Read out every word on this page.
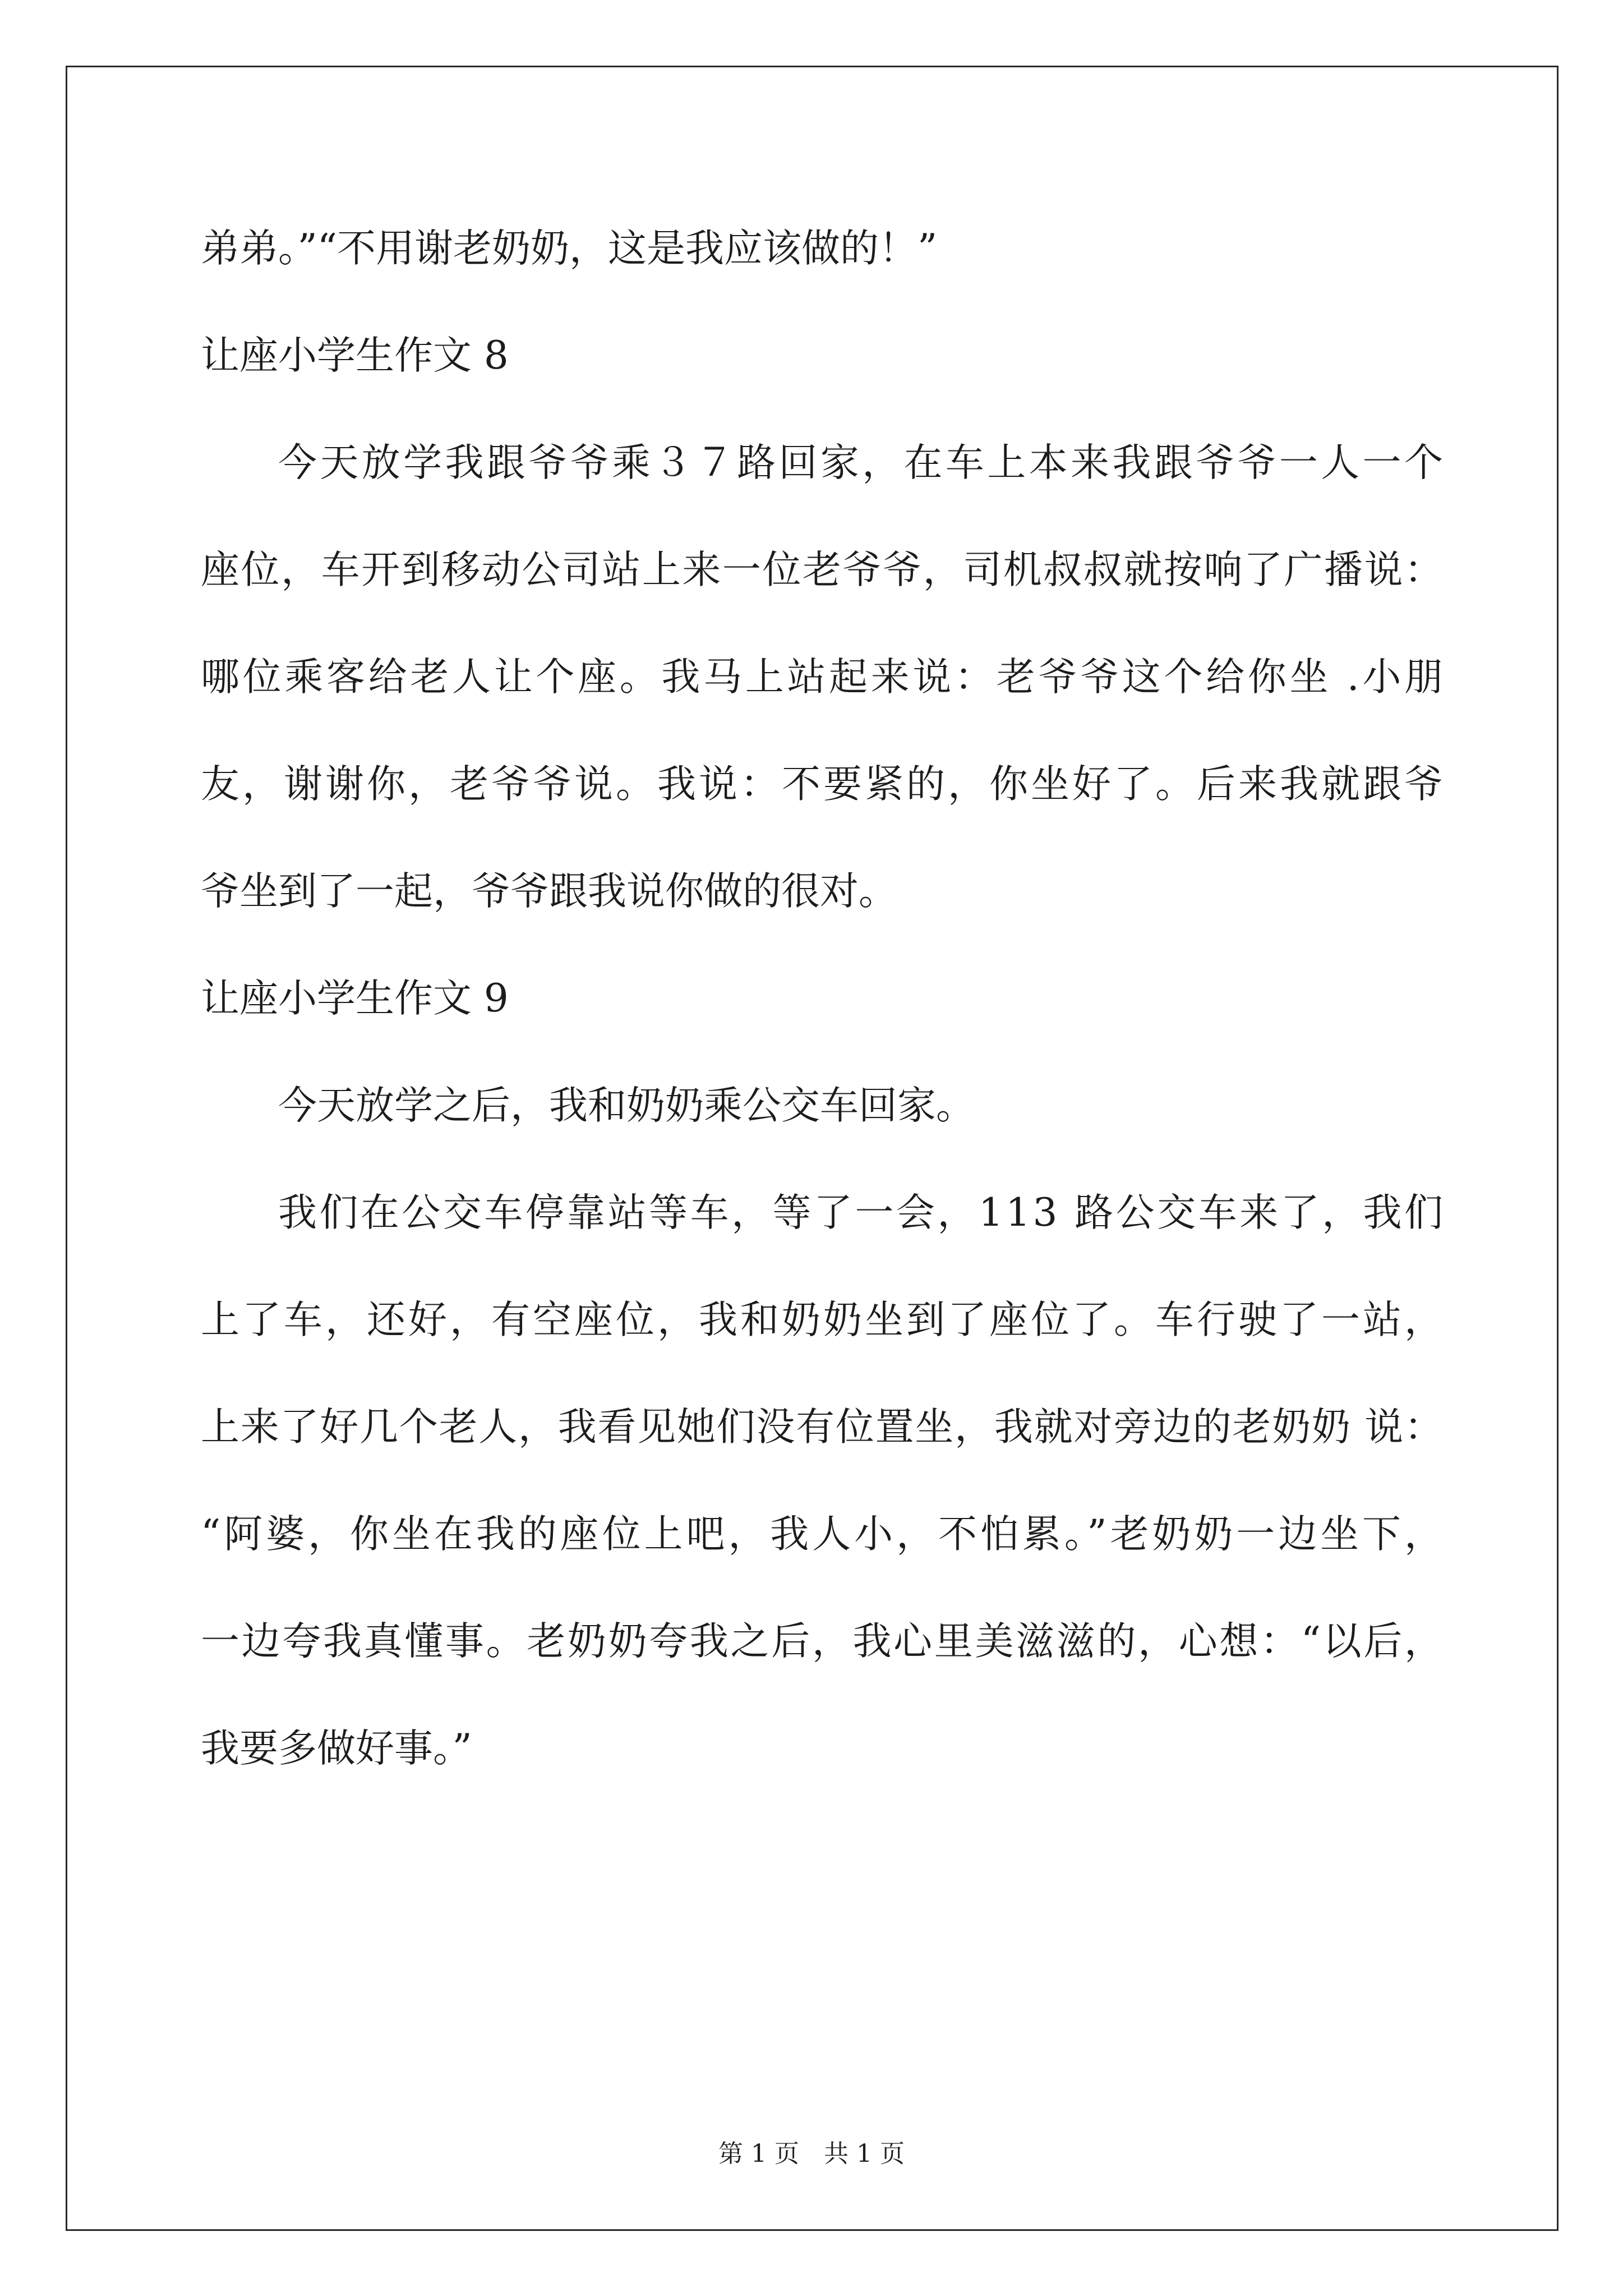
弟弟。”“不用谢老奶奶，这是我应该做的！”
让座小学生作文 8
今天放学我跟爷爷乘３７路回家，在车上本来我跟爷爷一人一个
座位，车开到移动公司站上来一位老爷爷，司机叔叔就按响了广播说：
哪位乘客给老人让个座。我马上站起来说：老爷爷这个给你坐 .小朋
友，谢谢你，老爷爷说。我说：不要紧的，你坐好了。后来我就跟爷
爷坐到了一起，爷爷跟我说你做的很对。
让座小学生作文 9
今天放学之后，我和奶奶乘公交车回家。
我们在公交车停靠站等车，等了一会，113 路公交车来了，我们
上了车，还好，有空座位，我和奶奶坐到了座位了。车行驶了一站，
上来了好几个老人，我看见她们没有位置坐，我就对旁边的老奶奶 说：
“阿婆，你坐在我的座位上吧，我人小，不怕累。”老奶奶一边坐下，
一边夸我真懂事。老奶奶夸我之后，我心里美滋滋的，心想：“以后，
我要多做好事。”
第 1 页　共 1 页
